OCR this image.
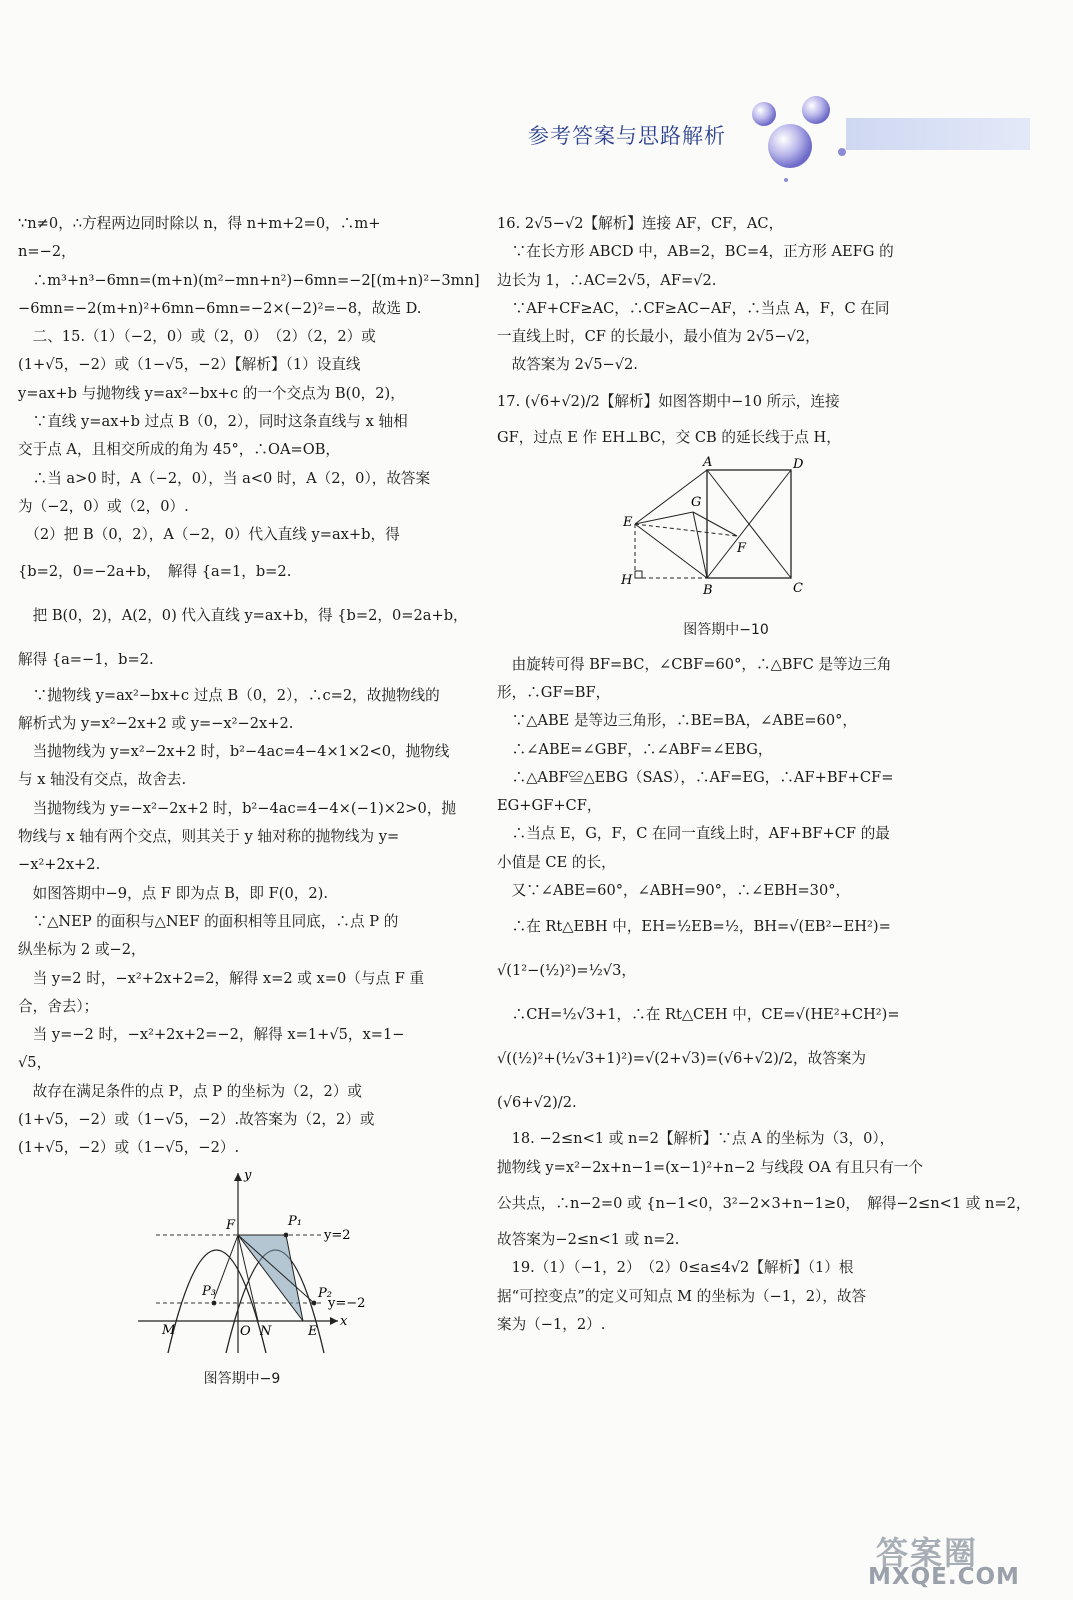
参考答案与思路解析
∵n≠0，∴方程两边同时除以 n，得 n+m+2=0，∴m+
n=−2，
　∴m³+n³−6mn=(m+n)(m²−mn+n²)−6mn=−2[(m+n)²−3mn]
−6mn=−2(m+n)²+6mn−6mn=−2×(−2)²=−8，故选 D.
　二、15.（1）（−2，0）或（2，0）　（2）（2，2）或
(1+√5，−2）或（1−√5，−2）【解析】（1）设直线
y=ax+b 与抛物线 y=ax²−bx+c 的一个交点为 B(0，2)，
　∵直线 y=ax+b 过点 B（0，2），同时这条直线与 x 轴相
交于点 A，且相交所成的角为 45°，∴OA=OB，
　∴当 a>0 时，A（−2，0），当 a<0 时，A（2，0），故答案
为（−2，0）或（2，0）.
　（2）把 B（0，2），A（−2，0）代入直线 y=ax+b，得
{b=2，0=−2a+b，　解得 {a=1，b=2.
　把 B(0，2)，A(2，0) 代入直线 y=ax+b，得 {b=2，0=2a+b，
解得 {a=−1，b=2.
　∵抛物线 y=ax²−bx+c 过点 B（0，2），∴c=2，故抛物线的
解析式为 y=x²−2x+2 或 y=−x²−2x+2.
　当抛物线为 y=x²−2x+2 时，b²−4ac=4−4×1×2<0，抛物线
与 x 轴没有交点，故舍去.
　当抛物线为 y=−x²−2x+2 时，b²−4ac=4−4×(−1)×2>0，抛
物线与 x 轴有两个交点，则其关于 y 轴对称的抛物线为 y=
−x²+2x+2.
　如图答期中−9，点 F 即为点 B，即 F(0，2).
　∵△NEP 的面积与△NEF 的面积相等且同底，∴点 P 的
纵坐标为 2 或−2，
　当 y=2 时，−x²+2x+2=2，解得 x=2 或 x=0（与点 F 重
合，舍去）；
　当 y=−2 时，−x²+2x+2=−2，解得 x=1+√5，x=1−
√5，
　故存在满足条件的点 P，点 P 的坐标为（2，2）或
(1+√5，−2）或（1−√5，−2）.故答案为（2，2）或
(1+√5，−2）或（1−√5，−2）.
y
x
O
M	N	E
F	P₁
P₂
P₃
y=2
y=−2
图答期中−9
16. 2√5−√2【解析】连接 AF，CF，AC，
　∵在长方形 ABCD 中，AB=2，BC=4，正方形 AEFG 的
边长为 1，∴AC=2√5，AF=√2.
　∵AF+CF≥AC，∴CF≥AC−AF，∴当点 A，F，C 在同
一直线上时，CF 的长最小，最小值为 2√5−√2，
　故答案为 2√5−√2.
17. (√6+√2)/2【解析】如图答期中−10 所示，连接
GF，过点 E 作 EH⊥BC，交 CB 的延长线于点 H，
A	D
B	C
E
F
G
H
图答期中−10
　由旋转可得 BF=BC，∠CBF=60°，∴△BFC 是等边三角
形，∴GF=BF，
　∵△ABE 是等边三角形，∴BE=BA，∠ABE=60°，
　∴∠ABE=∠GBF，∴∠ABF=∠EBG，
　∴△ABF≌△EBG（SAS），∴AF=EG，∴AF+BF+CF=
EG+GF+CF，
　∴当点 E，G，F，C 在同一直线上时，AF+BF+CF 的最
小值是 CE 的长，
　又∵∠ABE=60°，∠ABH=90°，∴∠EBH=30°，
　∴在 Rt△EBH 中，EH=½EB=½，BH=√(EB²−EH²)=
√(1²−(½)²)=½√3，
　∴CH=½√3+1，∴在 Rt△CEH 中，CE=√(HE²+CH²)=
√((½)²+(½√3+1)²)=√(2+√3)=(√6+√2)/2，故答案为
(√6+√2)/2.
　18. −2≤n<1 或 n=2【解析】∵点 A 的坐标为（3，0），
抛物线 y=x²−2x+n−1=(x−1)²+n−2 与线段 OA 有且只有一个
公共点，∴n−2=0 或 {n−1<0，3²−2×3+n−1≥0，　解得−2≤n<1 或 n=2，
故答案为−2≤n<1 或 n=2.
　19.（1）（−1，2）　（2）0≤a≤4√2【解析】（1）根
据“可控变点”的定义可知点 M 的坐标为（−1，2），故答
案为（−1，2）.
答案圈
MXQE.COM
